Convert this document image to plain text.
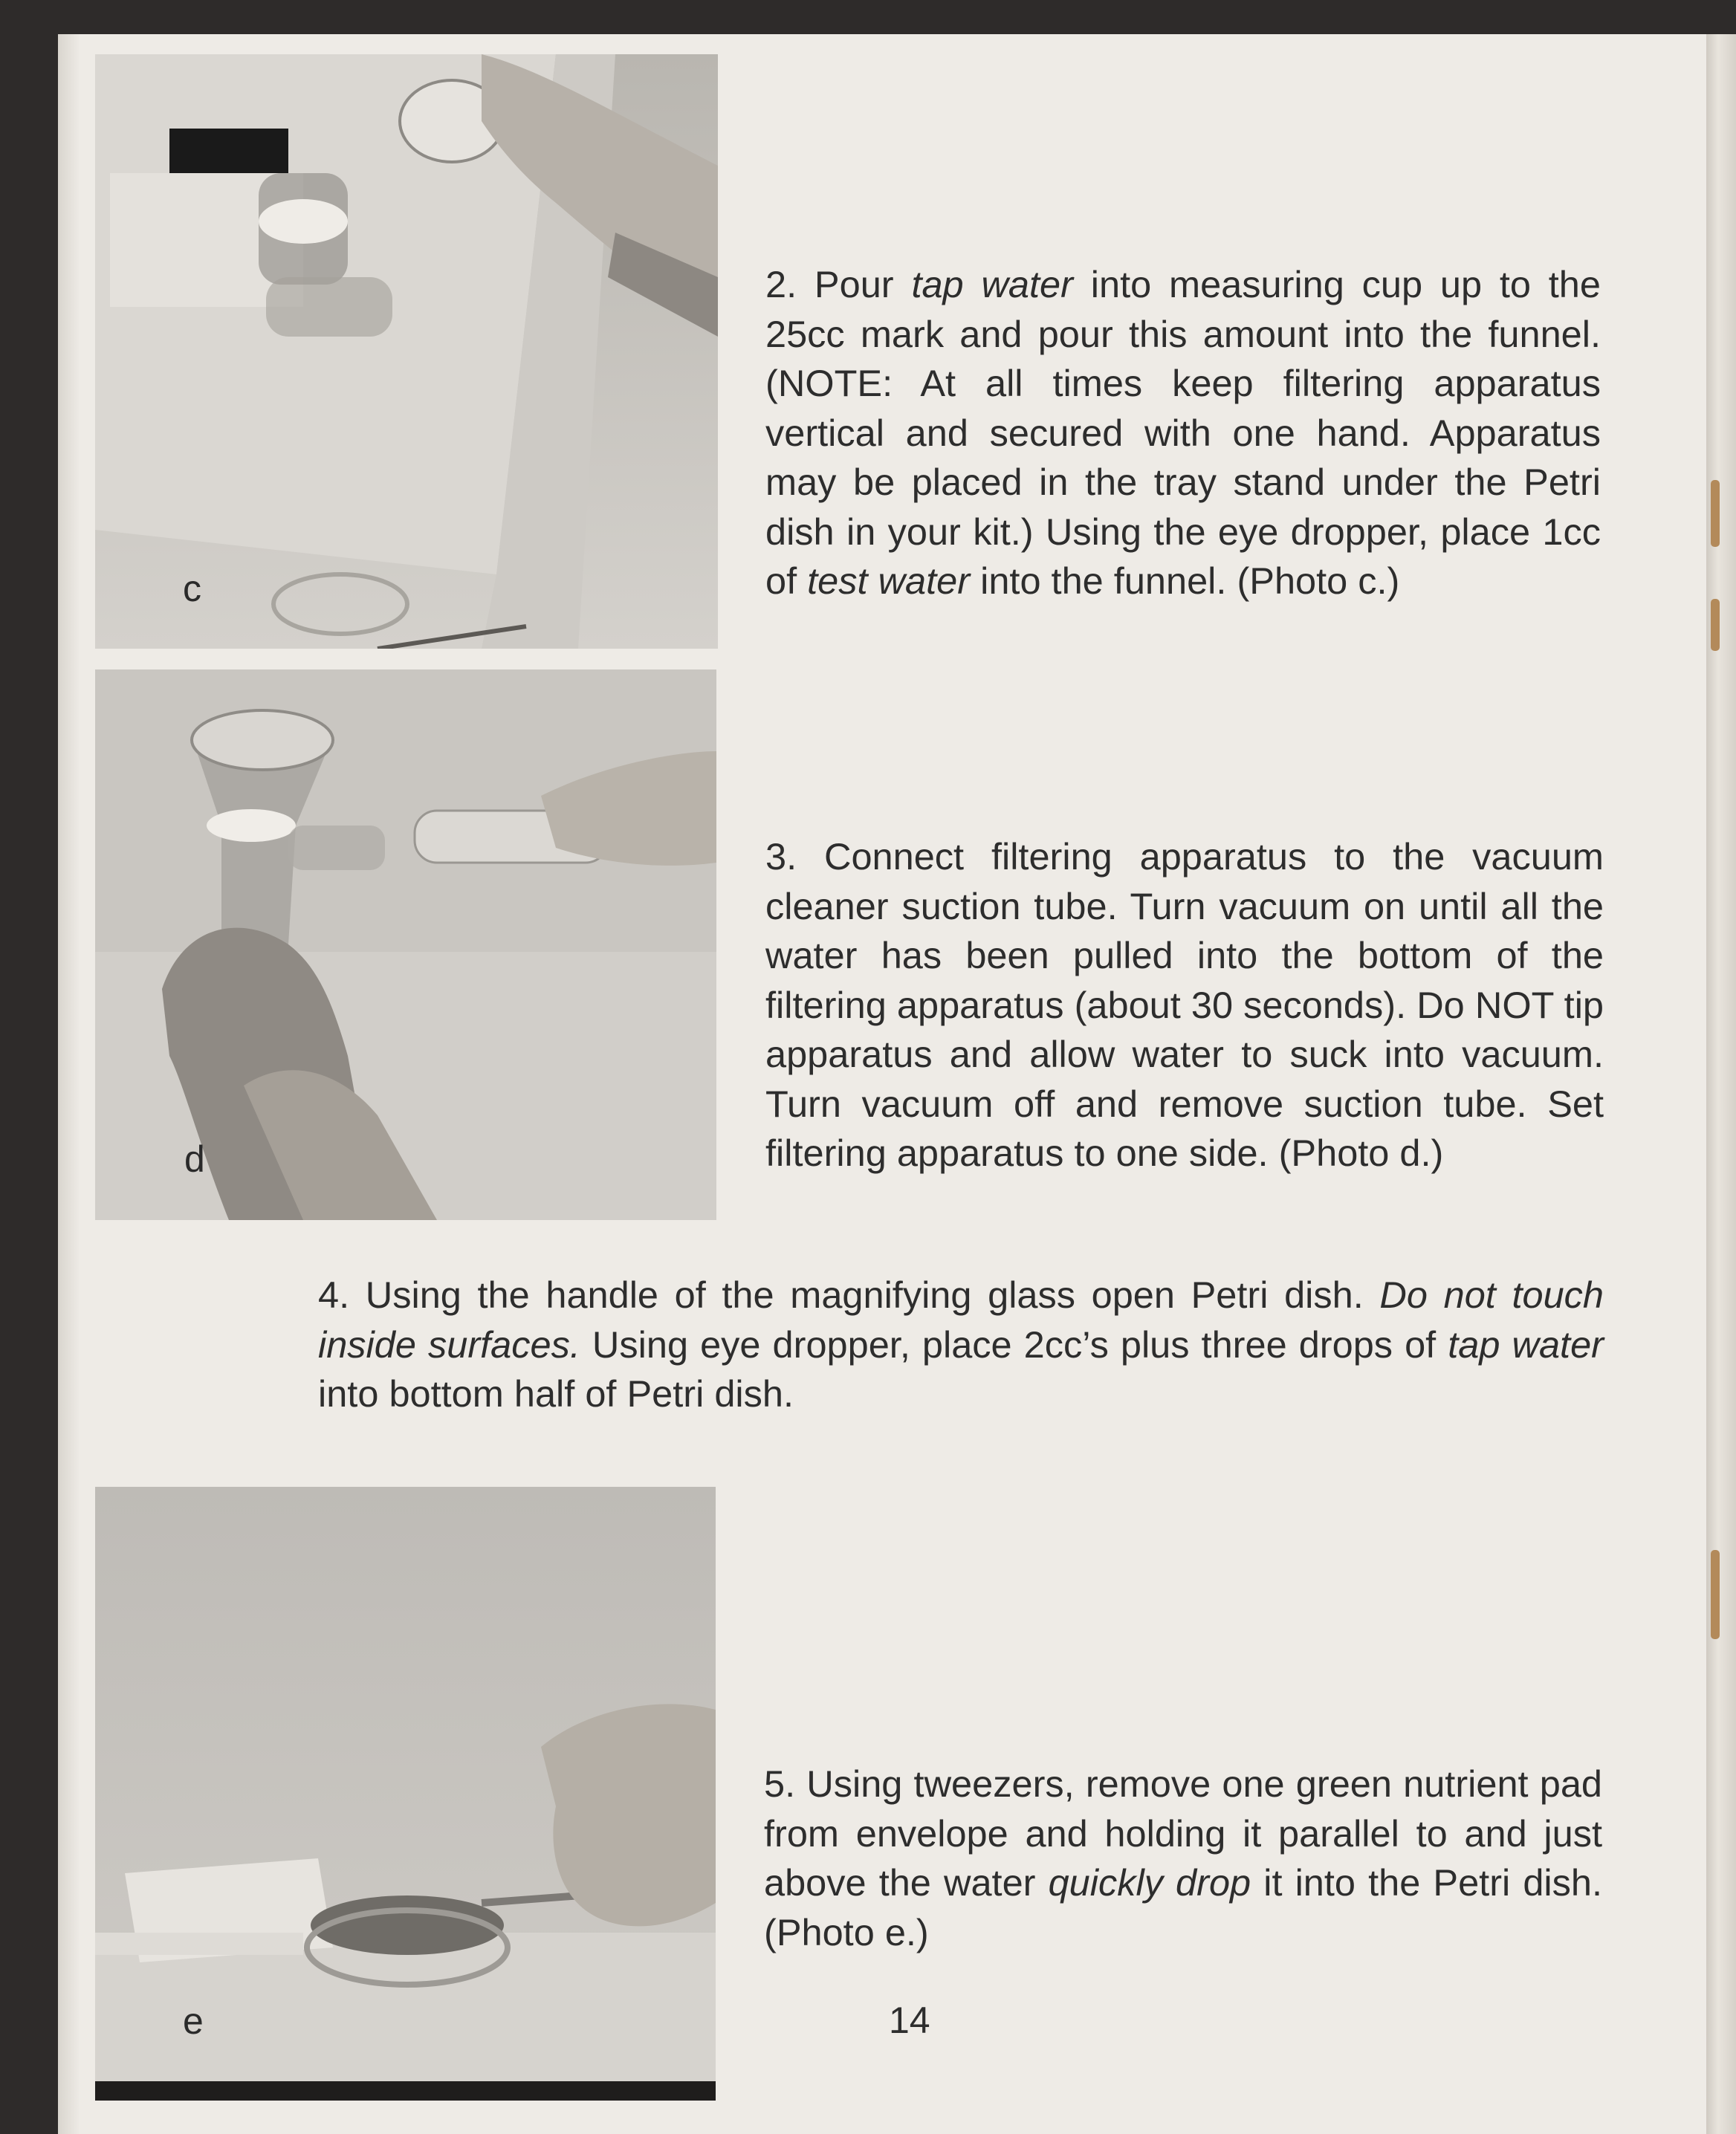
c
d
e

2. Pour tap water into measuring cup up to the 25cc mark and pour this amount into the funnel. (NOTE: At all times keep filtering apparatus vertical and secured with one hand. Apparatus may be placed in the tray stand under the Petri dish in your kit.) Using the eye dropper, place 1cc of test water into the funnel. (Photo c.)

3. Connect filtering apparatus to the vacuum cleaner suction tube. Turn vacuum on until all the water has been pulled into the bottom of the filtering apparatus (about 30 seconds). Do NOT tip apparatus and allow water to suck into vacuum. Turn vacuum off and remove suction tube. Set filtering apparatus to one side. (Photo d.)

4. Using the handle of the magnifying glass open Petri dish. Do not touch inside surfaces. Using eye dropper, place 2cc’s plus three drops of tap water into bottom half of Petri dish.

5. Using tweezers, remove one green nutrient pad from envelope and holding it parallel to and just above the water quickly drop it into the Petri dish. (Photo e.)

14
